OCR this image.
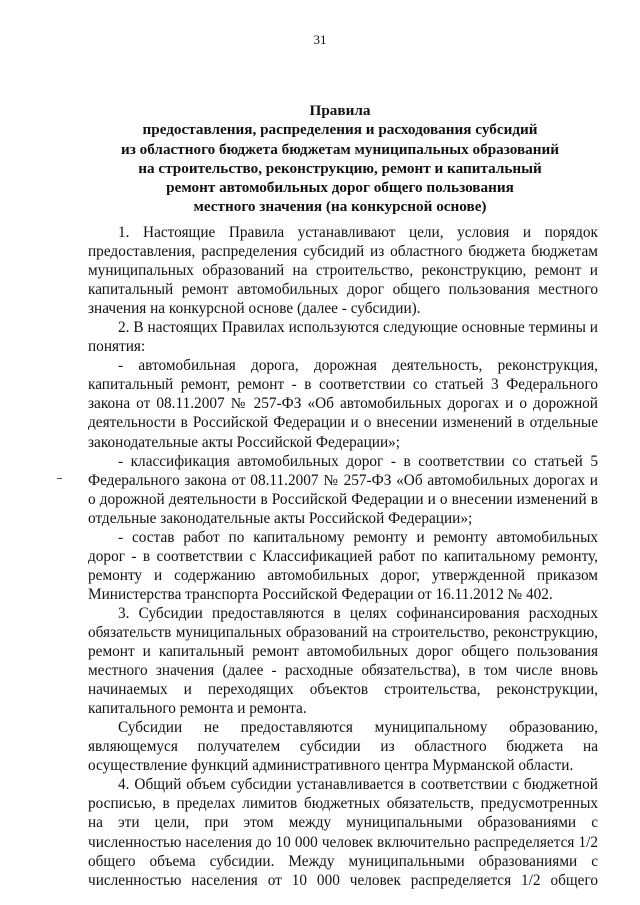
31
Правила
предоставления, распределения и расходования субсидий
из областного бюджета бюджетам муниципальных образований
на строительство, реконструкцию, ремонт и капитальный
ремонт автомобильных дорог общего пользования
местного значения (на конкурсной основе)
1. Настоящие Правила устанавливают цели, условия и порядок
предоставления, распределения субсидий из областного бюджета бюджетам
муниципальных образований на строительство, реконструкцию, ремонт и
капитальный ремонт автомобильных дорог общего пользования местного
значения на конкурсной основе (далее - субсидии).
2. В настоящих Правилах используются следующие основные термины и
понятия:
- автомобильная дорога, дорожная деятельность, реконструкция,
капитальный ремонт, ремонт - в соответствии со статьей 3 Федерального
закона от 08.11.2007 № 257-ФЗ «Об автомобильных дорогах и о дорожной
деятельности в Российской Федерации и о внесении изменений в отдельные
законодательные акты Российской Федерации»;
- классификация автомобильных дорог - в соответствии со статьей 5
Федерального закона от 08.11.2007 № 257-ФЗ «Об автомобильных дорогах и
о дорожной деятельности в Российской Федерации и о внесении изменений в
отдельные законодательные акты Российской Федерации»;
- состав работ по капитальному ремонту и ремонту автомобильных
дорог - в соответствии с Классификацией работ по капитальному ремонту,
ремонту и содержанию автомобильных дорог, утвержденной приказом
Министерства транспорта Российской Федерации от 16.11.2012 № 402.
3. Субсидии предоставляются в целях софинансирования расходных
обязательств муниципальных образований на строительство, реконструкцию,
ремонт и капитальный ремонт автомобильных дорог общего пользования
местного значения (далее - расходные обязательства), в том числе вновь
начинаемых и переходящих объектов строительства, реконструкции,
капитального ремонта и ремонта.
Субсидии не предоставляются муниципальному образованию,
являющемуся получателем субсидии из областного бюджета на
осуществление функций административного центра Мурманской области.
4. Общий объем субсидии устанавливается в соответствии с бюджетной
росписью, в пределах лимитов бюджетных обязательств, предусмотренных
на эти цели, при этом между муниципальными образованиями с
численностью населения до 10 000 человек включительно распределяется 1/2
общего объема субсидии. Между муниципальными образованиями с
численностью населения от 10 000 человек распределяется 1/2 общего
